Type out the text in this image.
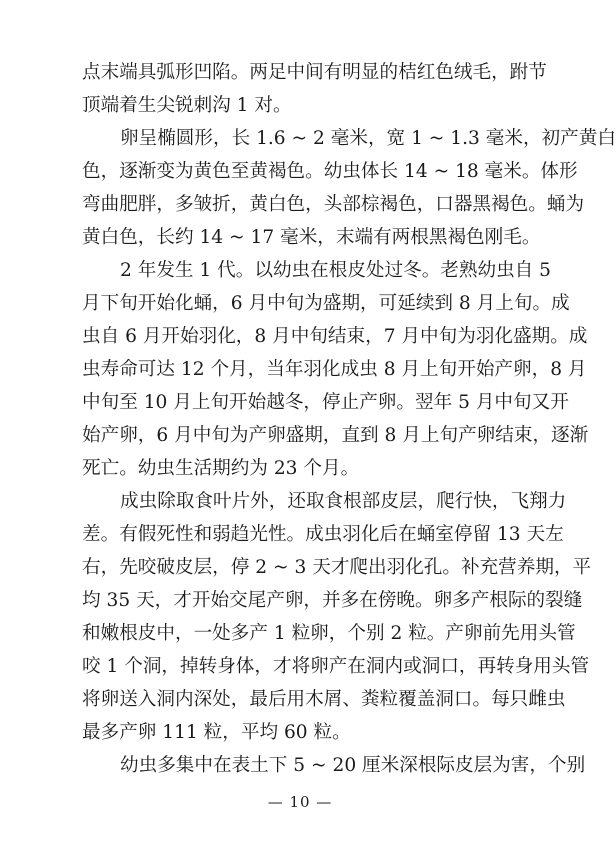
点末端具弧形凹陷。两足中间有明显的桔红色绒毛，跗节
顶端着生尖锐刺沟 1 对。
卵呈椭圆形，长 1.6 ~ 2 毫米，宽 1 ~ 1.3 毫米，初产黄白
色，逐渐变为黄色至黄褐色。幼虫体长 14 ~ 18 毫米。体形
弯曲肥胖，多皱折，黄白色，头部棕褐色，口器黑褐色。蛹为
黄白色，长约 14 ~ 17 毫米，末端有两根黑褐色刚毛。
2 年发生 1 代。以幼虫在根皮处过冬。老熟幼虫自 5
月下旬开始化蛹，6 月中旬为盛期，可延续到 8 月上旬。成
虫自 6 月开始羽化，8 月中旬结束，7 月中旬为羽化盛期。成
虫寿命可达 12 个月，当年羽化成虫 8 月上旬开始产卵，8 月
中旬至 10 月上旬开始越冬，停止产卵。翌年 5 月中旬又开
始产卵，6 月中旬为产卵盛期，直到 8 月上旬产卵结束，逐渐
死亡。幼虫生活期约为 23 个月。
成虫除取食叶片外，还取食根部皮层，爬行快，飞翔力
差。有假死性和弱趋光性。成虫羽化后在蛹室停留 13 天左
右，先咬破皮层，停 2 ~ 3 天才爬出羽化孔。补充营养期，平
均 35 天，才开始交尾产卵，并多在傍晚。卵多产根际的裂缝
和嫩根皮中，一处多产 1 粒卵，个别 2 粒。产卵前先用头管
咬 1 个洞，掉转身体，才将卵产在洞内或洞口，再转身用头管
将卵送入洞内深处，最后用木屑、粪粒覆盖洞口。每只雌虫
最多产卵 111 粒，平均 60 粒。
幼虫多集中在表土下 5 ~ 20 厘米深根际皮层为害，个别
— 10 —
